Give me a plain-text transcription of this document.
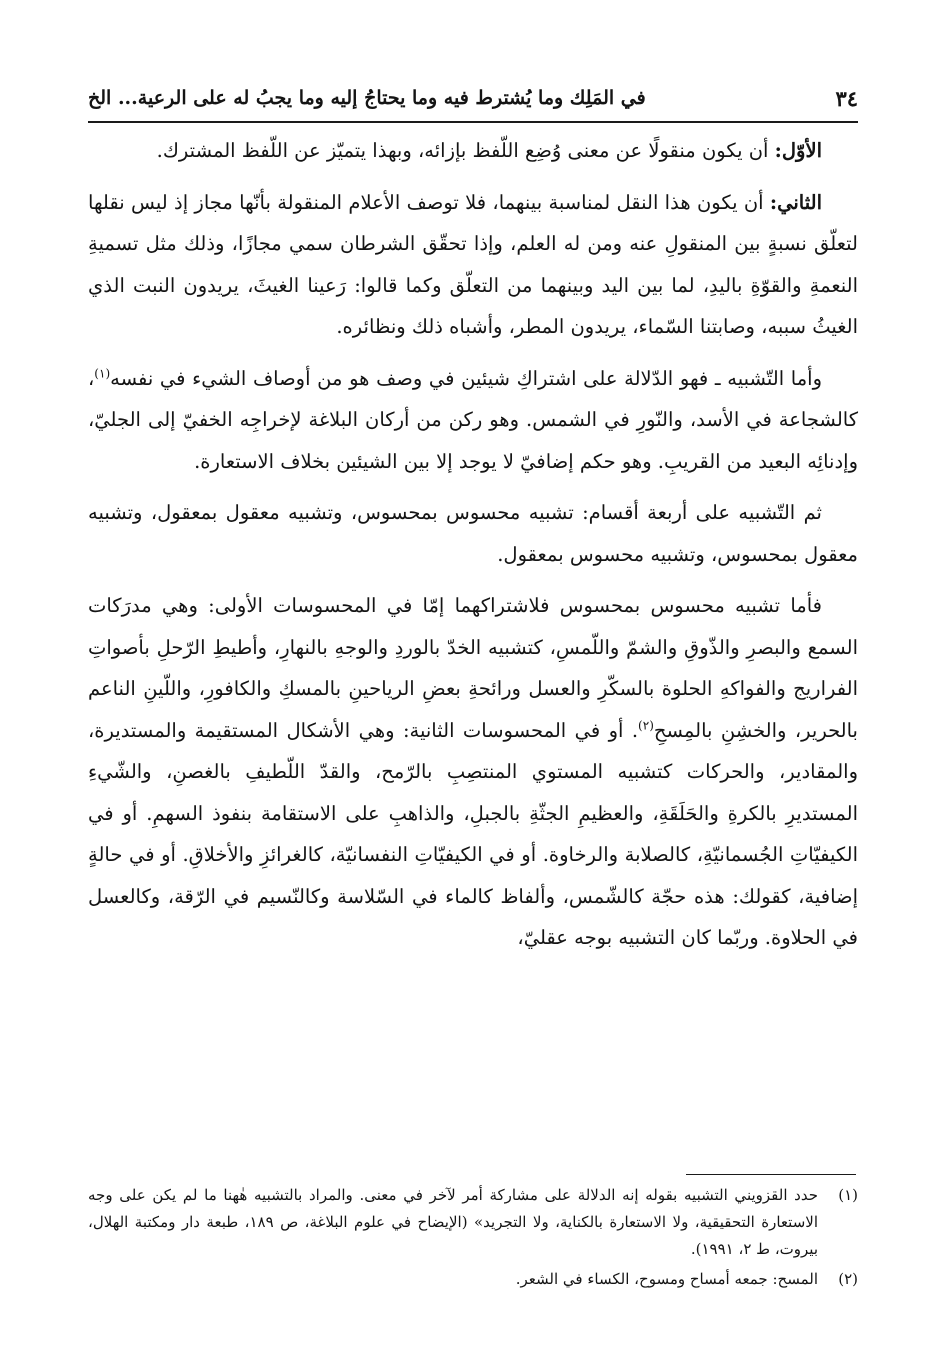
٣٤
في المَلِك وما يُشترط فيه وما يحتاجُ إليه وما يجبُ له على الرعية... الخ

الأوّل: أن يكون منقولًا عن معنى وُضِع اللّفظ بإزائه، وبهذا يتميّز عن اللّفظ المشترك.

الثاني: أن يكون هذا النقل لمناسبة بينهما، فلا توصف الأعلام المنقولة بأنّها مجاز إذ ليس نقلها لتعلّق نسبةٍ بين المنقولِ عنه ومن له العلم، وإذا تحقّق الشرطان سمي مجازًا، وذلك مثل تسميةِ النعمةِ والقوّةِ باليدِ، لما بين اليد وبينهما من التعلّق وكما قالوا: رَعينا الغيثَ، يريدون النبت الذي الغيثُ سببه، وصابتنا السّماء، يريدون المطر، وأشباه ذلك ونظائره.

وأما التّشبيه ـ فهو الدّلالة على اشتراكِ شيئين في وصف هو من أوصاف الشيء في نفسه$^{(١)}$، كالشجاعة في الأسد، والنّورِ في الشمس. وهو ركن من أركان البلاغة لإخراجِه الخفيّ إلى الجليّ، وإدنائِه البعيد من القريبِ. وهو حكم إضافيّ لا يوجد إلا بين الشيئين بخلاف الاستعارة.

ثم التّشبيه على أربعة أقسام: تشبيه محسوس بمحسوس، وتشبيه معقول بمعقول، وتشبيه معقول بمحسوس، وتشبيه محسوس بمعقول.

فأما تشبيه محسوس بمحسوس فلاشتراكهما إمّا في المحسوسات الأولى: وهي مدرَكات السمع والبصرِ والذّوقِ والشمّ واللّمسِ، كتشبيه الخدّ بالوردِ والوجهِ بالنهارِ، وأطيطِ الرّحلِ بأصواتِ الفراريج والفواكهِ الحلوة بالسكّرِ والعسل ورائحةِ بعضِ الرياحينِ بالمسكِ والكافورِ، واللّينِ الناعم بالحرير، والخشِنِ بالمِسحِ$^{(٢)}$. أو في المحسوسات الثانية: وهي الأشكال المستقيمة والمستديرة، والمقادير، والحركات كتشبيه المستوي المنتصِبِ بالرّمح، والقدّ اللّطيفِ بالغصنِ، والشّيءِ المستديرِ بالكرةِ والحَلَقَةِ، والعظيمِ الجثّةِ بالجبلِ، والذاهبِ على الاستقامة بنفوذ السهمِ. أو في الكيفيّاتِ الجُسمانيّةِ، كالصلابة والرخاوة. أو في الكيفيّاتِ النفسانيّة، كالغرائزِ والأخلاقِ. أو في حالةٍ إضافية، كقولك: هذه حجّة كالشّمس، وألفاظ كالماء في السّلاسة وكالنّسيم في الرّقة، وكالعسل في الحلاوة. وربّما كان التشبيه بوجه عقليّ،

(١)
حدد القزويني التشبيه بقوله إنه الدلالة على مشاركة أمر لآخر في معنى. والمراد بالتشبيه هٰهنا ما لم يكن على وجه الاستعارة التحقيقية، ولا الاستعارة بالكناية، ولا التجريد» (الإيضاح في علوم البلاغة، ص ١٨٩، طبعة دار ومكتبة الهلال، بيروت، ط ٢، ١٩٩١).
(٢)
المسح: جمعه أمساح ومسوح، الكساء في الشعر.
